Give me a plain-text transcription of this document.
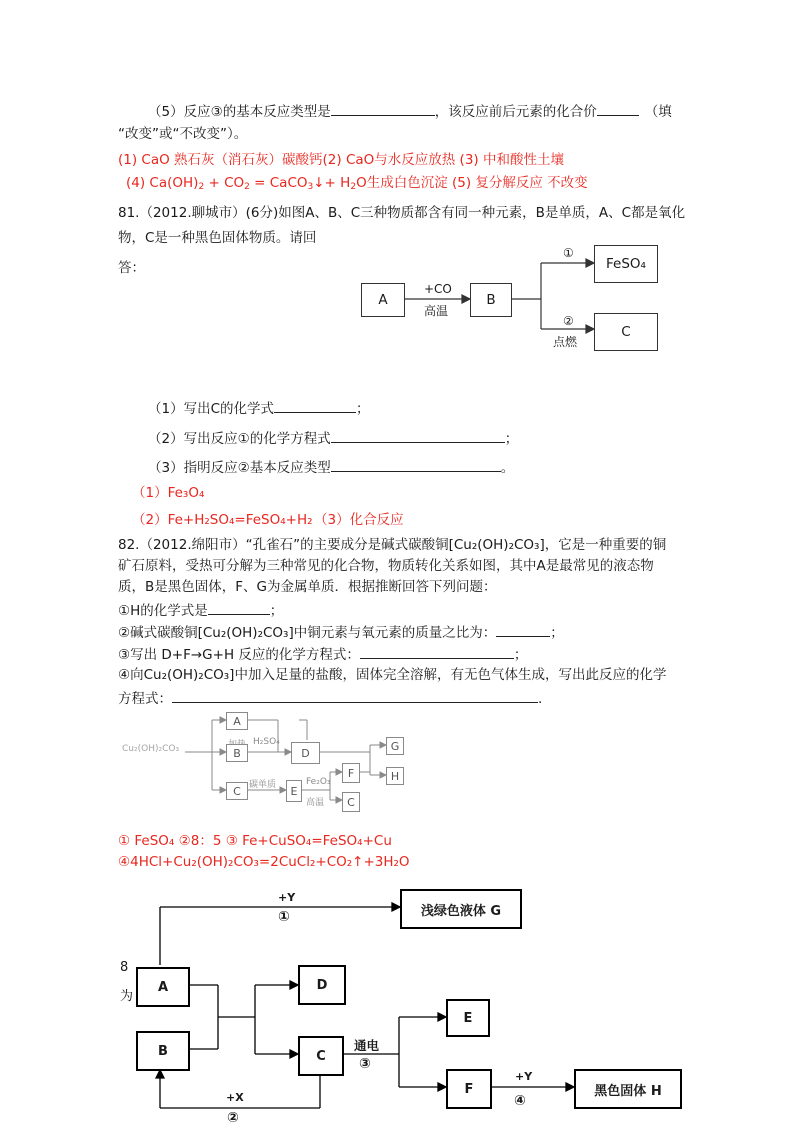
（5）反应③的基本反应类型是	，该反应前后元素的化合价	（填
“改变”或“不改变”）。
(1) CaO 熟石灰（消石灰）碳酸钙(2) CaO与水反应放热 (3) 中和酸性土壤
(4) $Ca(OH)_2 + CO_2$ = CaCO$_3$↓+ $H_2O$生成白色沉淀 (5) 复分解反应 不改变
81.（2012.聊城市）(6分)如图A、B、C三种物质都含有同一种元素，B是单质，A、C都是氧化
物，C是一种黑色固体物质。请回
答：
A	B
FeSO₄
C
+CO
高温
①
②
点燃
（1）写出C的化学式	；
（2）写出反应①的化学方程式	；
（3）指明反应②基本反应类型	。
（1）Fe₃O₄
（2）Fe+H₂SO₄=FeSO₄+H₂ （3）化合反应
82.（2012.绵阳市）“孔雀石”的主要成分是碱式碳酸铜[Cu₂(OH)₂CO₃]，它是一种重要的铜
矿石原料，受热可分解为三种常见的化合物，物质转化关系如图，其中A是最常见的液态物
质，B是黑色固体，F、G为金属单质．根据推断回答下列问题：
①H的化学式是	；
②碱式碳酸铜[Cu₂(OH)₂CO₃]中铜元素与氧元素的质量之比为：	；
③写出 D+F→G+H 反应的化学方程式：	；
④向Cu₂(OH)₂CO₃]中加入足量的盐酸，固体完全溶解，有无色气体生成，写出此反应的化学
方程式：	.
Cu₂(OH)₂CO₃
H₂SO₄
碳单质	Fe₂O₃
高温
A
B
C
D
E
F
C
G
H
① FeSO₄ ②8：5 ③ Fe+CuSO₄=FeSO₄+Cu
④4HCl+Cu₂(OH)₂CO₃=2CuCl₂+CO₂↑+3H₂O
A
B	C
D
E
F
浅绿色液体 G
黑色固体 H
+Y
①
+X
②
通电
③
+Y
④
8
为
